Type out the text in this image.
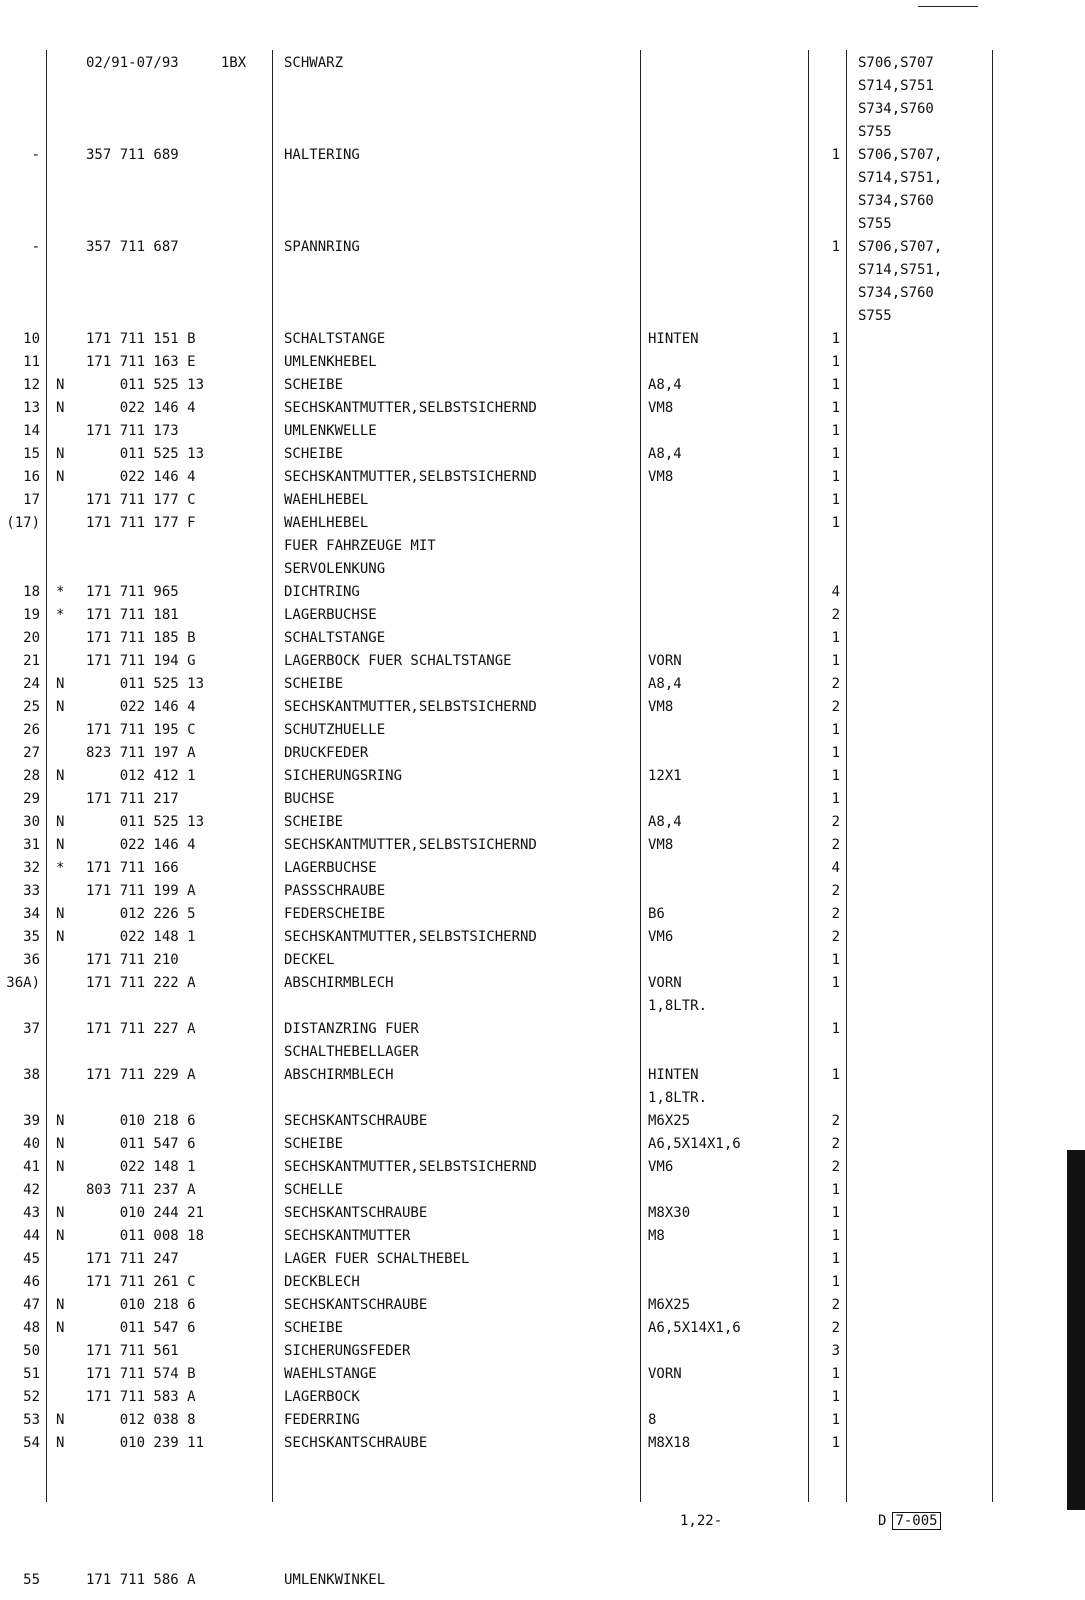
02/91-07/93     1BX	SCHWARZ	S706,S707
S714,S751
S734,S760
S755
-	357 711 689	HALTERING	1 S706,S707,
S714,S751,
S734,S760
S755
-	357 711 687	SPANNRING	1 S706,S707,
S714,S751,
S734,S760
S755
10	171 711 151 B	SCHALTSTANGE	HINTEN	1
11	171 711 163 E	UMLENKHEBEL	1
12 N 011 525 13	SCHEIBE	A8,4	1
13 N 022 146 4	SECHSKANTMUTTER,SELBSTSICHERND	VM8	1
14	171 711 173	UMLENKWELLE	1
15 N 011 525 13	SCHEIBE	A8,4	1
16 N 022 146 4	SECHSKANTMUTTER,SELBSTSICHERND	VM8	1
17	171 711 177 C	WAEHLHEBEL	1
(17)	171 711 177 F	WAEHLHEBEL	1
FUER FAHRZEUGE MIT
SERVOLENKUNG
18 * 171 711 965	DICHTRING	4
19 * 171 711 181	LAGERBUCHSE	2
20	171 711 185 B	SCHALTSTANGE	1
21	171 711 194 G	LAGERBOCK FUER SCHALTSTANGE	VORN	1
24 N 011 525 13	SCHEIBE	A8,4	2
25 N 022 146 4	SECHSKANTMUTTER,SELBSTSICHERND	VM8	2
26	171 711 195 C	SCHUTZHUELLE	1
27	823 711 197 A	DRUCKFEDER	1
28 N 012 412 1	SICHERUNGSRING	12X1	1
29	171 711 217	BUCHSE	1
30 N 011 525 13	SCHEIBE	A8,4	2
31 N 022 146 4	SECHSKANTMUTTER,SELBSTSICHERND	VM8	2
32 * 171 711 166	LAGERBUCHSE	4
33	171 711 199 A	PASSSCHRAUBE	2
34 N 012 226 5	FEDERSCHEIBE	B6	2
35 N 022 148 1	SECHSKANTMUTTER,SELBSTSICHERND	VM6	2
36	171 711 210	DECKEL	1
36A)	171 711 222 A	ABSCHIRMBLECH	VORN	1
1,8LTR.
37	171 711 227 A	DISTANZRING FUER	1
SCHALTHEBELLAGER
38	171 711 229 A	ABSCHIRMBLECH	HINTEN	1
1,8LTR.
39 N 010 218 6	SECHSKANTSCHRAUBE	M6X25	2
40 N 011 547 6	SCHEIBE	A6,5X14X1,6	2
41 N 022 148 1	SECHSKANTMUTTER,SELBSTSICHERND	VM6	2
42	803 711 237 A	SCHELLE	1
43 N 010 244 21	SECHSKANTSCHRAUBE	M8X30	1
44 N 011 008 18	SECHSKANTMUTTER	M8	1
45	171 711 247	LAGER FUER SCHALTHEBEL	1
46	171 711 261 C	DECKBLECH	1
47 N 010 218 6	SECHSKANTSCHRAUBE	M6X25	2
48 N 011 547 6	SCHEIBE	A6,5X14X1,6	2
50	171 711 561	SICHERUNGSFEDER	3
51	171 711 574 B	WAEHLSTANGE	VORN	1
52	171 711 583 A	LAGERBOCK	1
53 N 012 038 8	FEDERRING	8	1
54 N 010 239 11	SECHSKANTSCHRAUBE	M8X18	1
1,22-	D 7-005
55	171 711 586 A	UMLENKWINKEL
